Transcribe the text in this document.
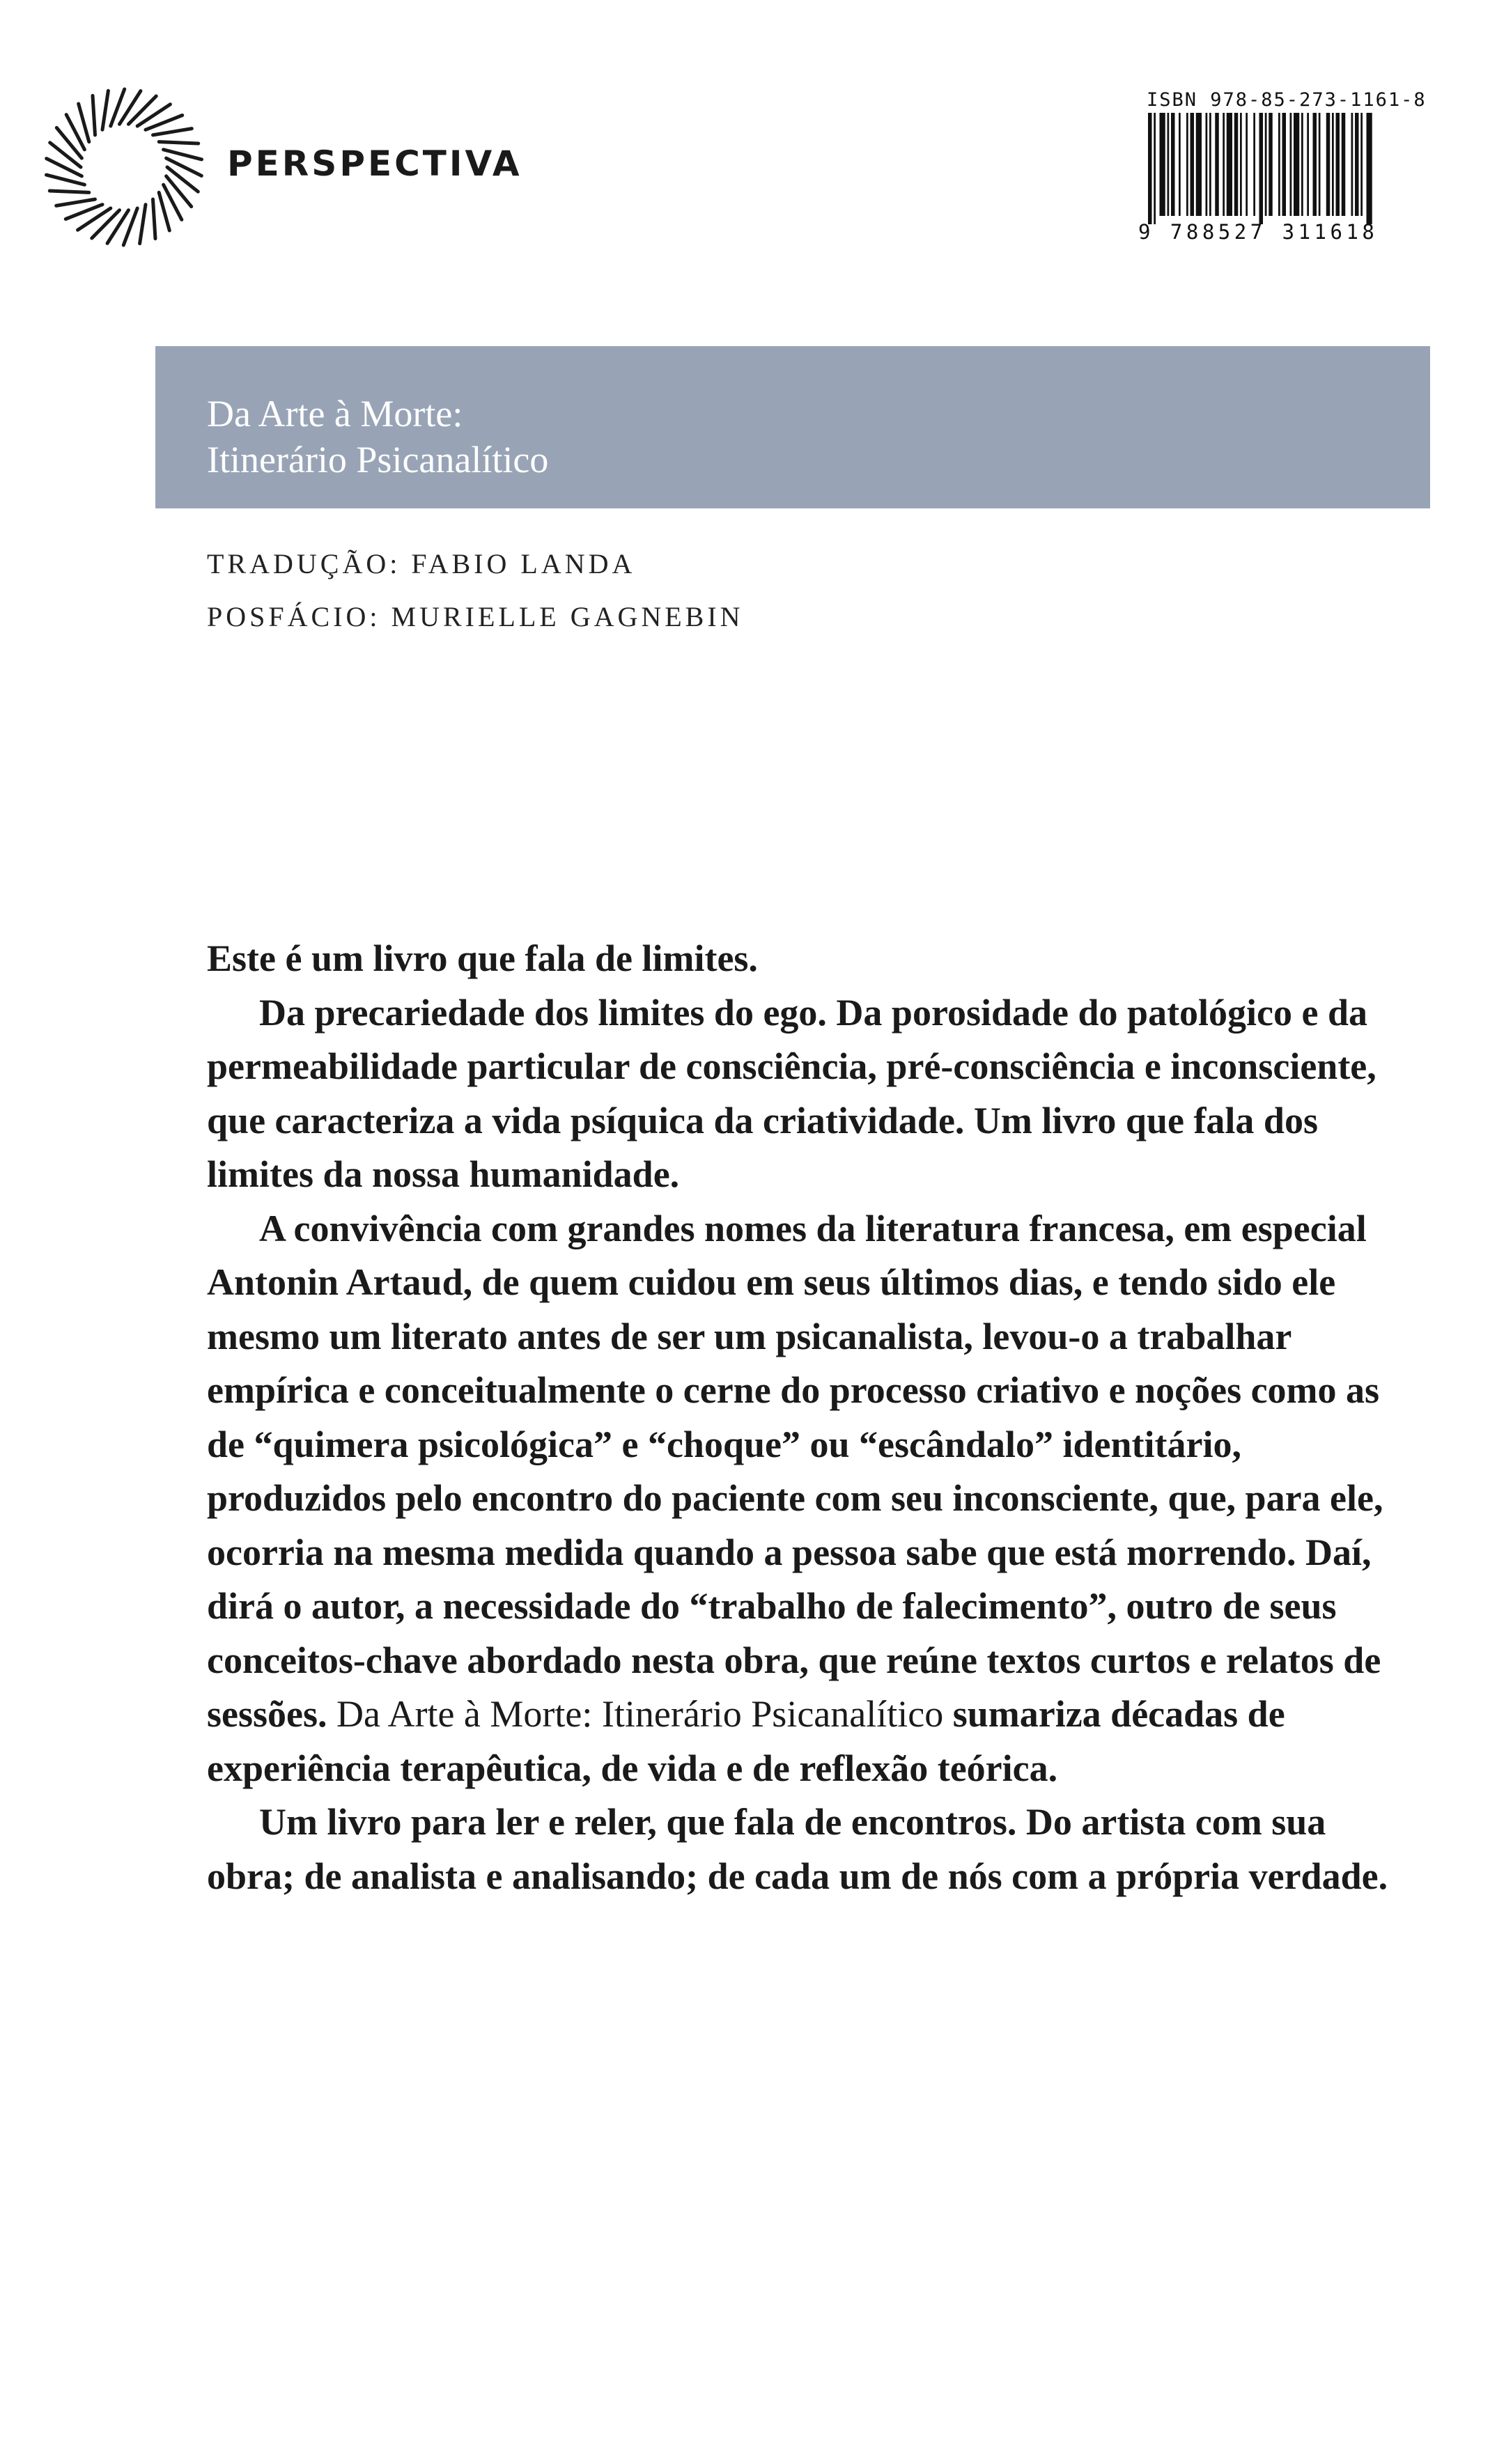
PERSPECTIVA
ISBN 978-85-273-1161-8
9 788527 311618
Da Arte à Morte:
Itinerário Psicanalítico
TRADUÇÃO: FABIO LANDA
POSFÁCIO: MURIELLE GAGNEBIN

Este é um livro que fala de limites.

Da precariedade dos limites do ego. Da porosidade do patológico e da permeabilidade particular de consciência, pré-consciência e inconsciente, que caracteriza a vida psíquica da criatividade. Um livro que fala dos limites da nossa humanidade.

A convivência com grandes nomes da literatura francesa, em especial Antonin Artaud, de quem cuidou em seus últimos dias, e tendo sido ele mesmo um literato antes de ser um psicanalista, levou-o a trabalhar empírica e conceitualmente o cerne do processo criativo e noções como as de “quimera psicológica” e “choque” ou “escândalo” identitário, produzidos pelo encontro do paciente com seu inconsciente, que, para ele, ocorria na mesma medida quando a pessoa sabe que está morrendo. Daí, dirá o autor, a necessidade do “trabalho de falecimento”, outro de seus conceitos-chave abordado nesta obra, que reúne textos curtos e relatos de sessões. Da Arte à Morte: Itinerário Psicanalítico sumariza décadas de experiência terapêutica, de vida e de reflexão teórica.

Um livro para ler e reler, que fala de encontros. Do artista com sua obra; de analista e analisando; de cada um de nós com a própria verdade.
